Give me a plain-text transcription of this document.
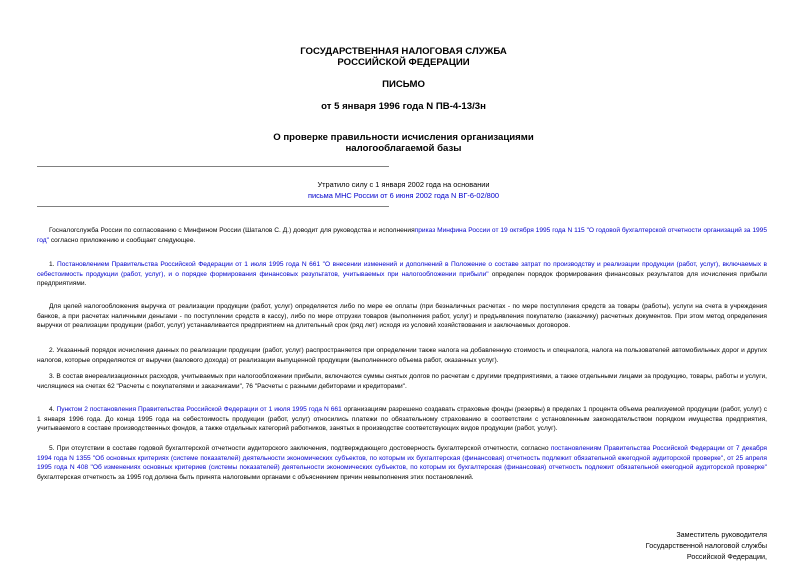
ГОСУДАРСТВЕННАЯ НАЛОГОВАЯ СЛУЖБА
РОССИЙСКОЙ ФЕДЕРАЦИИ
ПИСЬМО
от 5 января 1996 года N ПВ-4-13/3н
О проверке правильности исчисления организациями
налогооблагаемой базы
Утратило силу с 1 января 2002 года на основании
письма МНС России от 6 июня 2002 года N ВГ-6-02/800
Госналогслужба России по согласованию с Минфином России (Шаталов С. Д.) доводит для руководства и исполненияприказ Минфина России от 19 октября 1995 года N 115 "О годовой бухгалтерской отчетности организаций за 1995 год" согласно приложению и сообщает следующее.
1. Постановлением Правительства Российской Федерации от 1 июля 1995 года N 661 "О внесении изменений и дополнений в Положение о составе затрат по производству и реализации продукции (работ, услуг), включаемых в себестоимость продукции (работ, услуг), и о порядке формирования финансовых результатов, учитываемых при налогообложении прибыли" определен порядок формирования финансовых результатов для исчисления прибыли предприятиями.
Для целей налогообложения выручка от реализации продукции (работ, услуг) определяется либо по мере ее оплаты (при безналичных расчетах - по мере поступления средств за товары (работы), услуги на счета в учреждения банков, а при расчетах наличными деньгами - по поступлении средств в кассу), либо по мере отгрузки товаров (выполнения работ, услуг) и предъявления покупателю (заказчику) расчетных документов. При этом метод определения выручки от реализации продукции (работ, услуг) устанавливается предприятием на длительный срок (ряд лет) исходя из условий хозяйствования и заключаемых договоров.
2. Указанный порядок исчисления данных по реализации продукции (работ, услуг) распространяется при определении также налога на добавленную стоимость и спецналога, налога на пользователей автомобильных дорог и других налогов, которые определяются от выручки (валового дохода) от реализации выпущенной продукции (выполненного объема работ, оказанных услуг).
3. В состав внереализационных расходов, учитываемых при налогообложении прибыли, включаются суммы снятых долгов по расчетам с другими предприятиями, а также отдельными лицами за продукцию, товары, работы и услуги, числящиеся на счетах 62 "Расчеты с покупателями и заказчиками", 76 "Расчеты с разными дебиторами и кредиторами".
4. Пунктом 2 постановления Правительства Российской Федерации от 1 июля 1995 года N 661 организациям разрешено создавать страховые фонды (резервы) в пределах 1 процента объема реализуемой продукции (работ, услуг) с 1 января 1996 года. До конца 1995 года на себестоимость продукции (работ, услуг) относились платежи по обязательному страхованию в соответствии с установленным законодательством порядком имущества предприятия, учитываемого в составе производственных фондов, а также отдельных категорий работников, занятых в производстве соответствующих видов продукции (работ, услуг).
5. При отсутствии в составе годовой бухгалтерской отчетности аудиторского заключения, подтверждающего достоверность бухгалтерской отчетности, согласно постановлениям Правительства Российской Федерации от 7 декабря 1994 года N 1355 "Об основных критериях (системе показателей) деятельности экономических субъектов, по которым их бухгалтерская (финансовая) отчетность подлежит обязательной ежегодной аудиторской проверке", от 25 апреля 1995 года N 408 "Об изменениях основных критериев (системы показателей) деятельности экономических субъектов, по которым их бухгалтерская (финансовая) отчетность подлежит обязательной ежегодной аудиторской проверке" бухгалтерская отчетность за 1995 год должна быть принята налоговыми органами с объяснением причин невыполнения этих постановлений.
Заместитель руководителя
Государственной налоговой службы
Российской Федерации,
